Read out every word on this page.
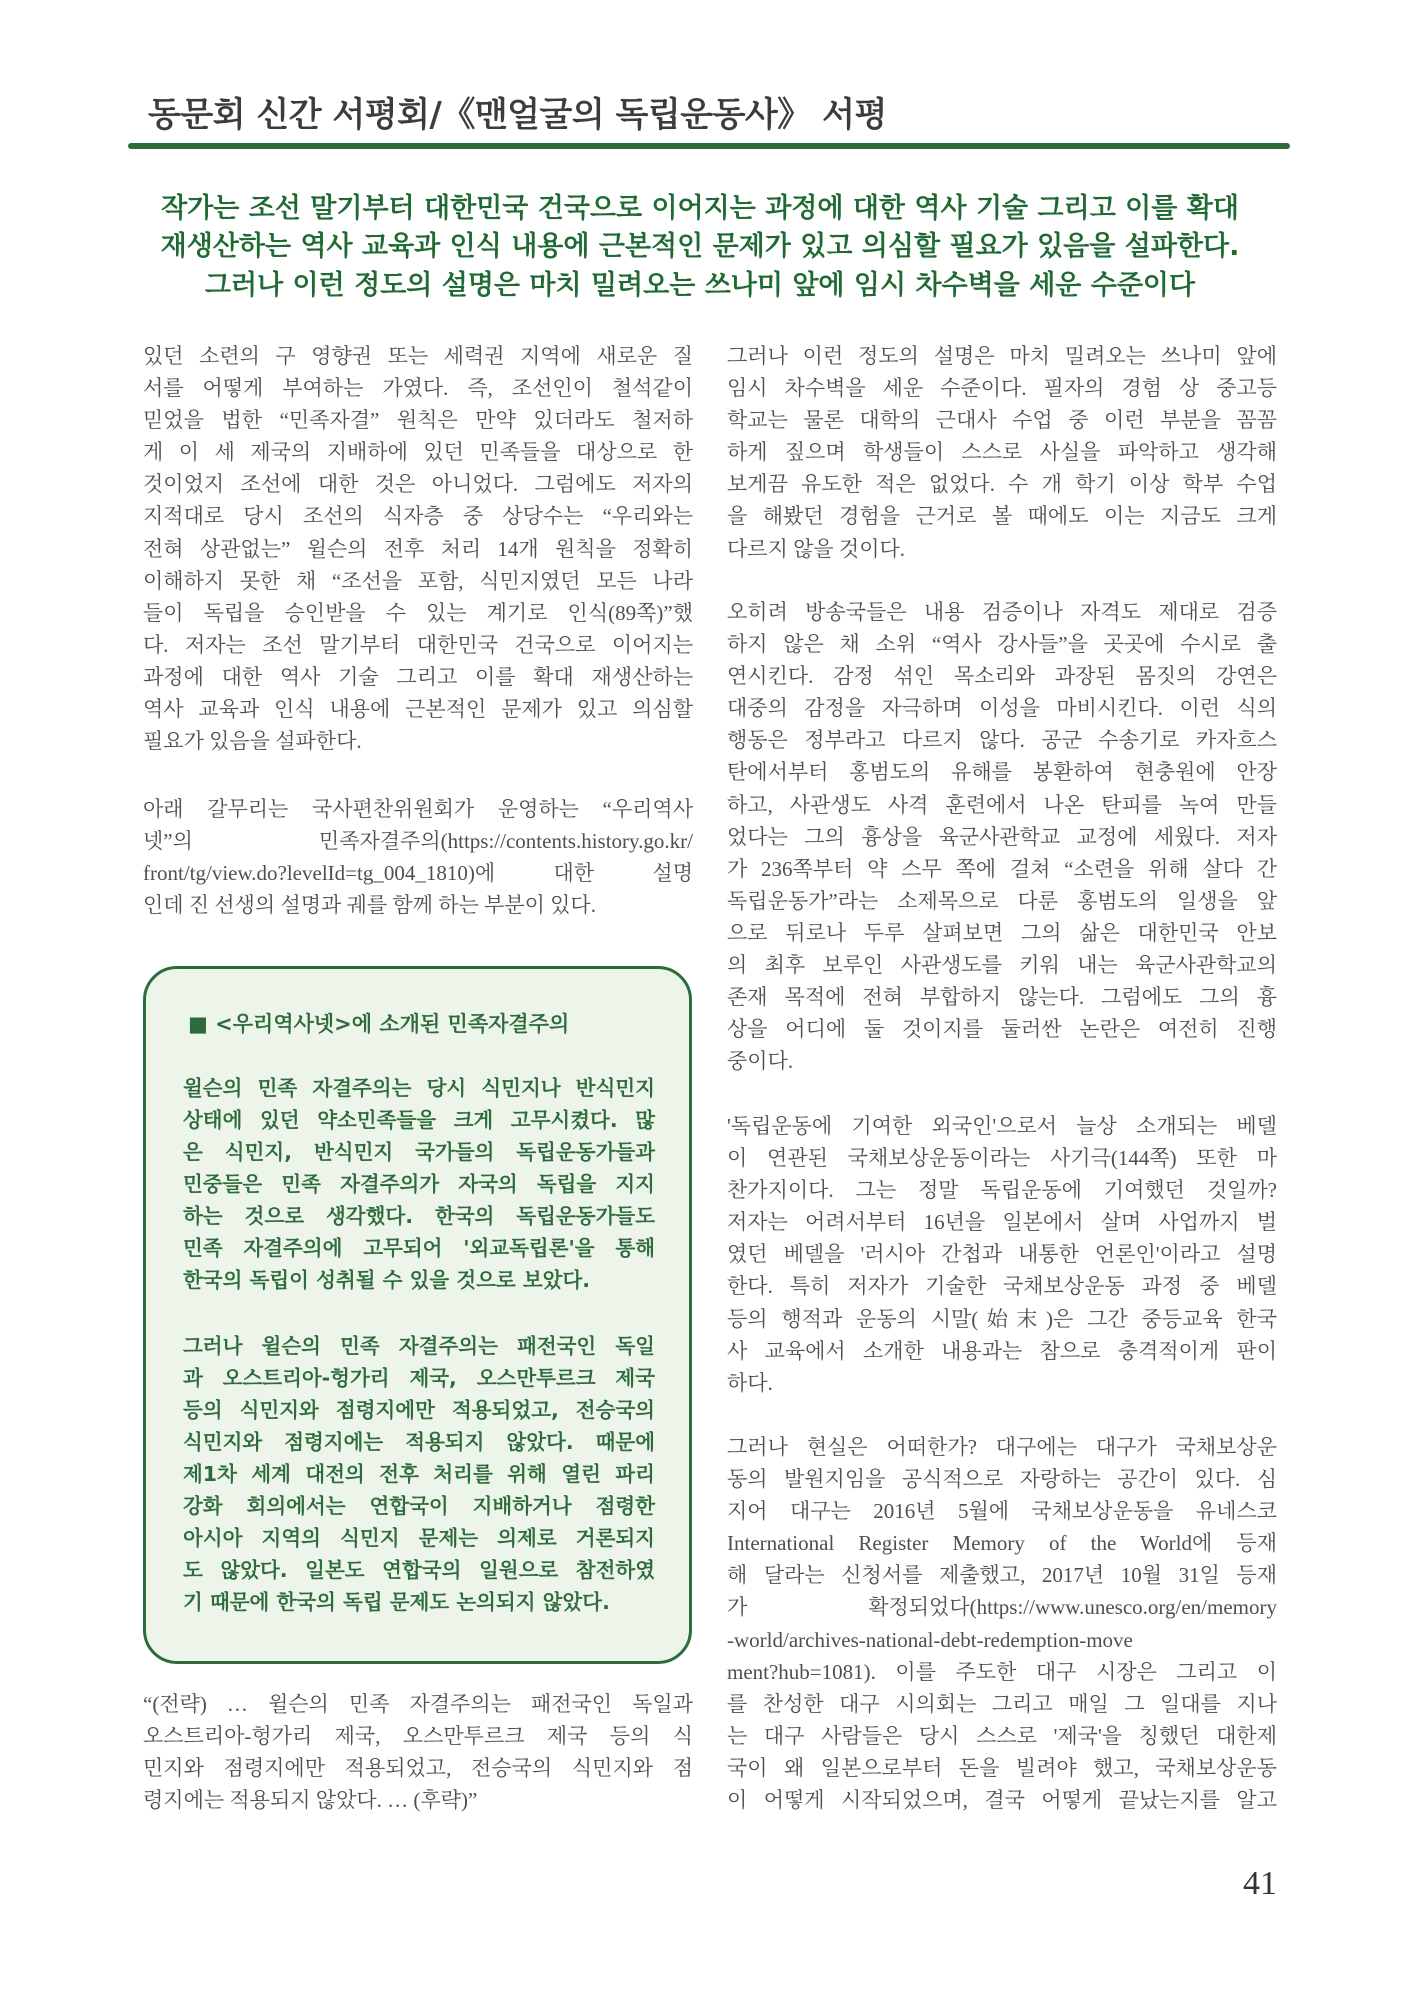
동문회 신간 서평회/《맨얼굴의 독립운동사》 서평
작가는 조선 말기부터 대한민국 건국으로 이어지는 과정에 대한 역사 기술 그리고 이를 확대
재생산하는 역사 교육과 인식 내용에 근본적인 문제가 있고 의심할 필요가 있음을 설파한다.
그러나 이런 정도의 설명은 마치 밀려오는 쓰나미 앞에 임시 차수벽을 세운 수준이다
있던 소련의 구 영향권 또는 세력권 지역에 새로운 질
서를 어떻게 부여하는 가였다. 즉, 조선인이 철석같이
믿었을 법한 “민족자결” 원칙은 만약 있더라도 철저하
게 이 세 제국의 지배하에 있던 민족들을 대상으로 한
것이었지 조선에 대한 것은 아니었다. 그럼에도 저자의
지적대로 당시 조선의 식자층 중 상당수는 “우리와는
전혀 상관없는” 윌슨의 전후 처리 14개 원칙을 정확히
이해하지 못한 채 “조선을 포함, 식민지였던 모든 나라
들이 독립을 승인받을 수 있는 계기로 인식(89쪽)”했
다. 저자는 조선 말기부터 대한민국 건국으로 이어지는
과정에 대한 역사 기술 그리고 이를 확대 재생산하는
역사 교육과 인식 내용에 근본적인 문제가 있고 의심할
필요가 있음을 설파한다.
아래 갈무리는 국사편찬위원회가 운영하는 “우리역사
넷”의 민족자결주의(https://contents.history.go.kr/
front/tg/view.do?levelId=tg_004_1810)에 대한 설명
인데 진 선생의 설명과 궤를 함께 하는 부분이 있다.
■ <우리역사넷>에 소개된 민족자결주의
윌슨의 민족 자결주의는 당시 식민지나 반식민지
상태에 있던 약소민족들을 크게 고무시켰다. 많
은 식민지, 반식민지 국가들의 독립운동가들과
민중들은 민족 자결주의가 자국의 독립을 지지
하는 것으로 생각했다. 한국의 독립운동가들도
민족 자결주의에 고무되어 '외교독립론'을 통해
한국의 독립이 성취될 수 있을 것으로 보았다.
그러나 윌슨의 민족 자결주의는 패전국인 독일
과 오스트리아-헝가리 제국, 오스만투르크 제국
등의 식민지와 점령지에만 적용되었고, 전승국의
식민지와 점령지에는 적용되지 않았다. 때문에
제1차 세계 대전의 전후 처리를 위해 열린 파리
강화 회의에서는 연합국이 지배하거나 점령한
아시아 지역의 식민지 문제는 의제로 거론되지
도 않았다. 일본도 연합국의 일원으로 참전하였
기 때문에 한국의 독립 문제도 논의되지 않았다.
“(전략) … 윌슨의 민족 자결주의는 패전국인 독일과
오스트리아-헝가리 제국, 오스만투르크 제국 등의 식
민지와 점령지에만 적용되었고, 전승국의 식민지와 점
령지에는 적용되지 않았다. … (후략)”
그러나 이런 정도의 설명은 마치 밀려오는 쓰나미 앞에
임시 차수벽을 세운 수준이다. 필자의 경험 상 중고등
학교는 물론 대학의 근대사 수업 중 이런 부분을 꼼꼼
하게 짚으며 학생들이 스스로 사실을 파악하고 생각해
보게끔 유도한 적은 없었다. 수 개 학기 이상 학부 수업
을 해봤던 경험을 근거로 볼 때에도 이는 지금도 크게
다르지 않을 것이다.
오히려 방송국들은 내용 검증이나 자격도 제대로 검증
하지 않은 채 소위 “역사 강사들”을 곳곳에 수시로 출
연시킨다. 감정 섞인 목소리와 과장된 몸짓의 강연은
대중의 감정을 자극하며 이성을 마비시킨다. 이런 식의
행동은 정부라고 다르지 않다. 공군 수송기로 카자흐스
탄에서부터 홍범도의 유해를 봉환하여 현충원에 안장
하고, 사관생도 사격 훈련에서 나온 탄피를 녹여 만들
었다는 그의 흉상을 육군사관학교 교정에 세웠다. 저자
가 236쪽부터 약 스무 쪽에 걸쳐 “소련을 위해 살다 간
독립운동가”라는 소제목으로 다룬 홍범도의 일생을 앞
으로 뒤로나 두루 살펴보면 그의 삶은 대한민국 안보
의 최후 보루인 사관생도를 키워 내는 육군사관학교의
존재 목적에 전혀 부합하지 않는다. 그럼에도 그의 흉
상을 어디에 둘 것이지를 둘러싼 논란은 여전히 진행
중이다.
'독립운동에 기여한 외국인'으로서 늘상 소개되는 베델
이 연관된 국채보상운동이라는 사기극(144쪽) 또한 마
찬가지이다. 그는 정말 독립운동에 기여했던 것일까?
저자는 어려서부터 16년을 일본에서 살며 사업까지 벌
였던 베델을 '러시아 간첩과 내통한 언론인'이라고 설명
한다. 특히 저자가 기술한 국채보상운동 과정 중 베델
등의 행적과 운동의 시말(始末)은 그간 중등교육 한국
사 교육에서 소개한 내용과는 참으로 충격적이게 판이
하다.
그러나 현실은 어떠한가? 대구에는 대구가 국채보상운
동의 발원지임을 공식적으로 자랑하는 공간이 있다. 심
지어 대구는 2016년 5월에 국채보상운동을 유네스코
International Register Memory of the World에 등재
해 달라는 신청서를 제출했고, 2017년 10월 31일 등재
가 확정되었다(https://www.unesco.org/en/memory
-world/archives-national-debt-redemption-move
ment?hub=1081). 이를 주도한 대구 시장은 그리고 이
를 찬성한 대구 시의회는 그리고 매일 그 일대를 지나
는 대구 사람들은 당시 스스로 '제국'을 칭했던 대한제
국이 왜 일본으로부터 돈을 빌려야 했고, 국채보상운동
이 어떻게 시작되었으며, 결국 어떻게 끝났는지를 알고
41
